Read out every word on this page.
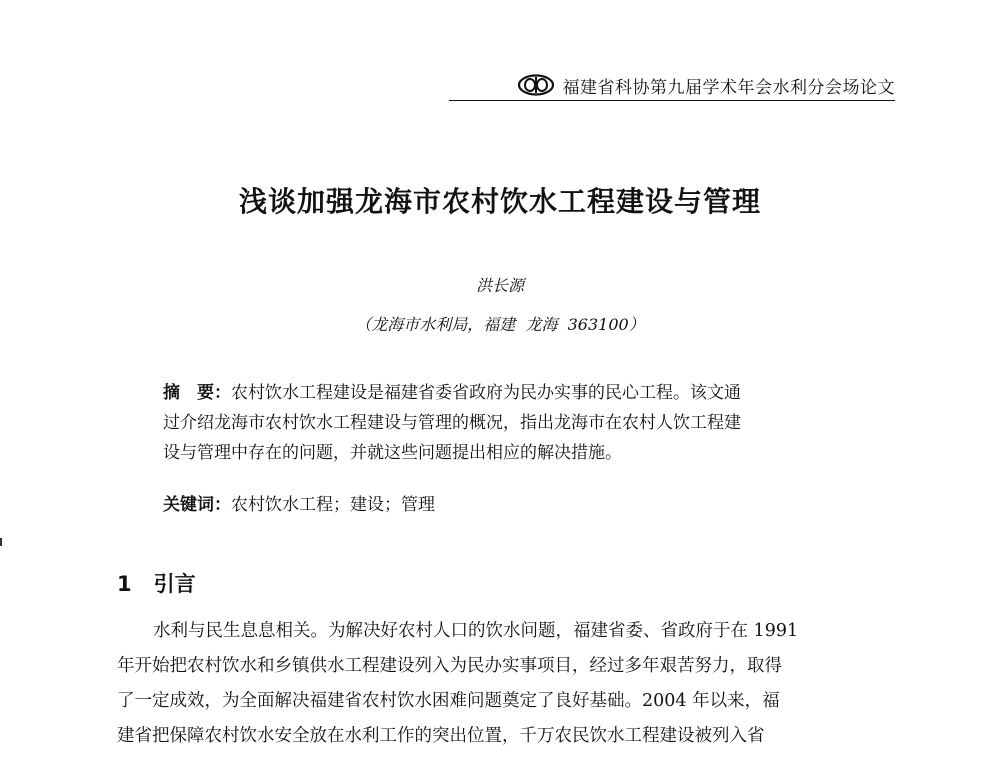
福建省科协第九届学术年会水利分会场论文
浅谈加强龙海市农村饮水工程建设与管理
洪长源
（龙海市水利局，福建  龙海  363100）
摘 要：农村饮水工程建设是福建省委省政府为民办实事的民心工程。该文通
过介绍龙海市农村饮水工程建设与管理的概况，指出龙海市在农村人饮工程建
设与管理中存在的问题，并就这些问题提出相应的解决措施。
关键词：农村饮水工程；建设；管理
1 引言
水利与民生息息相关。为解决好农村人口的饮水问题，福建省委、省政府于在 1991
年开始把农村饮水和乡镇供水工程建设列入为民办实事项目，经过多年艰苦努力，取得
了一定成效，为全面解决福建省农村饮水困难问题奠定了良好基础。2004 年以来，福
建省把保障农村饮水安全放在水利工作的突出位置，千万农民饮水工程建设被列入省
